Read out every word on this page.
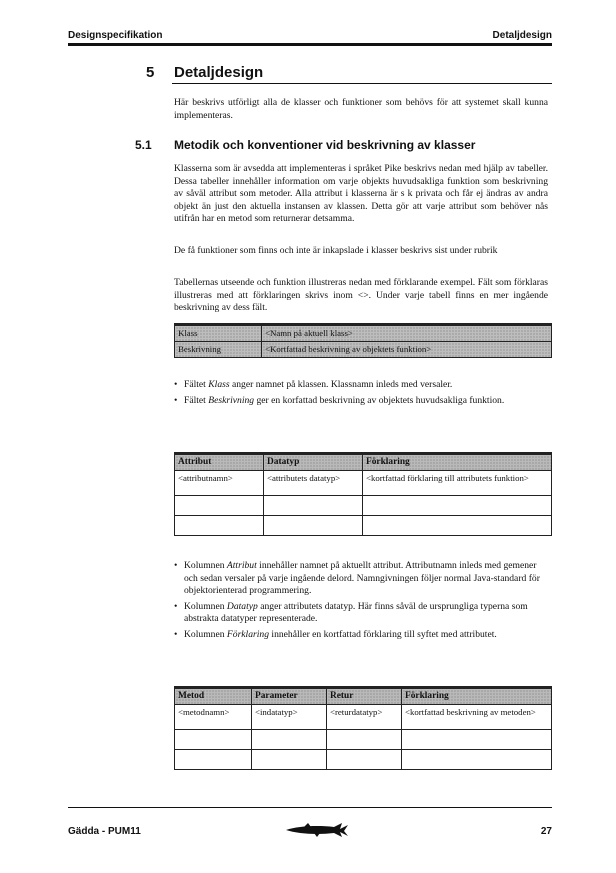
Designspecifikation	Detaljdesign
5 Detaljdesign

Här beskrivs utförligt alla de klasser och funktioner som behövs för att systemet skall kunna implementeras.

5.1 Metodik och konventioner vid beskrivning av klasser

Klasserna som är avsedda att implementeras i språket Pike beskrivs nedan med hjälp av tabeller. Dessa tabeller innehåller information om varje objekts huvudsakliga funktion som beskrivning av såväl attribut som metoder. Alla attribut i klasserna är s k privata och får ej ändras av andra objekt än just den aktuella instansen av klassen. Detta gör att varje attribut som behöver nås utifrån har en metod som returnerar detsamma.

De få funktioner som finns och inte är inkapslade i klasser beskrivs sist under rubrik

Tabellernas utseende och funktion illustreras nedan med förklarande exempel. Fält som förklaras illustreras med att förklaringen skrivs inom <>. Under varje tabell finns en mer ingående beskrivning av dess fält.

Klass	<Namn på aktuell klass>
Beskrivning	<Kortfattad beskrivning av objektets funktion>
• Fältet Klass anger namnet på klassen. Klassnamn inleds med versaler.
• Fältet Beskrivning ger en korfattad beskrivning av objektets huvudsakliga funktion.
Attribut	Datatyp	Förklaring
<attributnamn>	<attributets datatyp>	<kortfattad förklaring till attributets funktion>

• Kolumnen Attribut innehåller namnet på aktuellt attribut. Attributnamn inleds med gemener och sedan versaler på varje ingående delord. Namngivningen följer normal Java-standard för objektorienterad programmering.
• Kolumnen Datatyp anger attributets datatyp. Här finns såväl de ursprungliga typerna som abstrakta datatyper representerade.
• Kolumnen Förklaring innehåller en kortfattad förklaring till syftet med attributet.
Metod	Parameter	Retur	Förklaring
<metodnamn>	<indatatyp>	<returdatatyp>	<kortfattad beskrivning av metoden>

Gädda - PUM11	27
